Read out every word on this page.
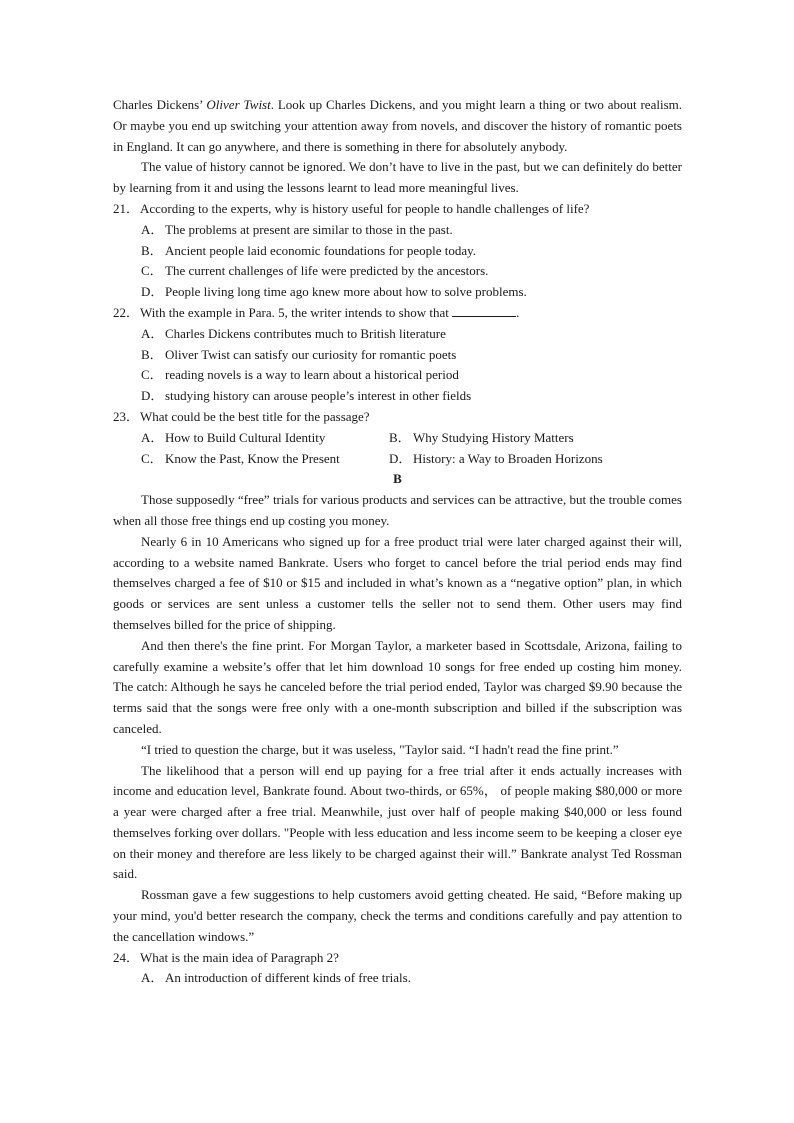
Charles Dickens’ Oliver Twist. Look up Charles Dickens, and you might learn a thing or two about realism. Or maybe you end up switching your attention away from novels, and discover the history of romantic poets in England. It can go anywhere, and there is something in there for absolutely anybody.

The value of history cannot be ignored. We don’t have to live in the past, but we can definitely do better by learning from it and using the lessons learnt to lead more meaningful lives.

21．According to the experts, why is history useful for people to handle challenges of life?

A． The problems at present are similar to those in the past.

B． Ancient people laid economic foundations for people today.

C． The current challenges of life were predicted by the ancestors.

D． People living long time ago knew more about how to solve problems.

22．With the example in Para. 5, the writer intends to show that	.

A． Charles Dickens contributes much to British literature

B． Oliver Twist can satisfy our curiosity for romantic poets

C． reading novels is a way to learn about a historical period

D． studying history can arouse people’s interest in other fields

23．What could be the best title for the passage?

A． How to Build Cultural Identity	B． Why Studying History Matters
C． Know the Past, Know the Present	D． History: a Way to Broaden Horizons

B

Those supposedly “free” trials for various products and services can be attractive, but the trouble comes when all those free things end up costing you money.

Nearly 6 in 10 Americans who signed up for a free product trial were later charged against their will, according to a website named Bankrate. Users who forget to cancel before the trial period ends may find themselves charged a fee of $10 or $15 and included in what’s known as a “negative option” plan, in which goods or services are sent unless a customer tells the seller not to send them. Other users may find themselves billed for the price of shipping.

And then there's the fine print. For Morgan Taylor, a marketer based in Scottsdale, Arizona, failing to carefully examine a website’s offer that let him download 10 songs for free ended up costing him money. The catch: Although he says he canceled before the trial period ended, Taylor was charged $9.90 because the terms said that the songs were free only with a one-month subscription and billed if the subscription was canceled.

“I tried to question the charge, but it was useless, "Taylor said. “I hadn't read the fine print.”

The likelihood that a person will end up paying for a free trial after it ends actually increases with income and education level, Bankrate found. About two-thirds, or 65%， of people making $80,000 or more a year were charged after a free trial. Meanwhile, just over half of people making $40,000 or less found themselves forking over dollars. "People with less education and less income seem to be keeping a closer eye on their money and therefore are less likely to be charged against their will.” Bankrate analyst Ted Rossman said.

Rossman gave a few suggestions to help customers avoid getting cheated. He said, “Before making up your mind, you'd better research the company, check the terms and conditions carefully and pay attention to the cancellation windows.”

24．What is the main idea of Paragraph 2?

A． An introduction of different kinds of free trials.
